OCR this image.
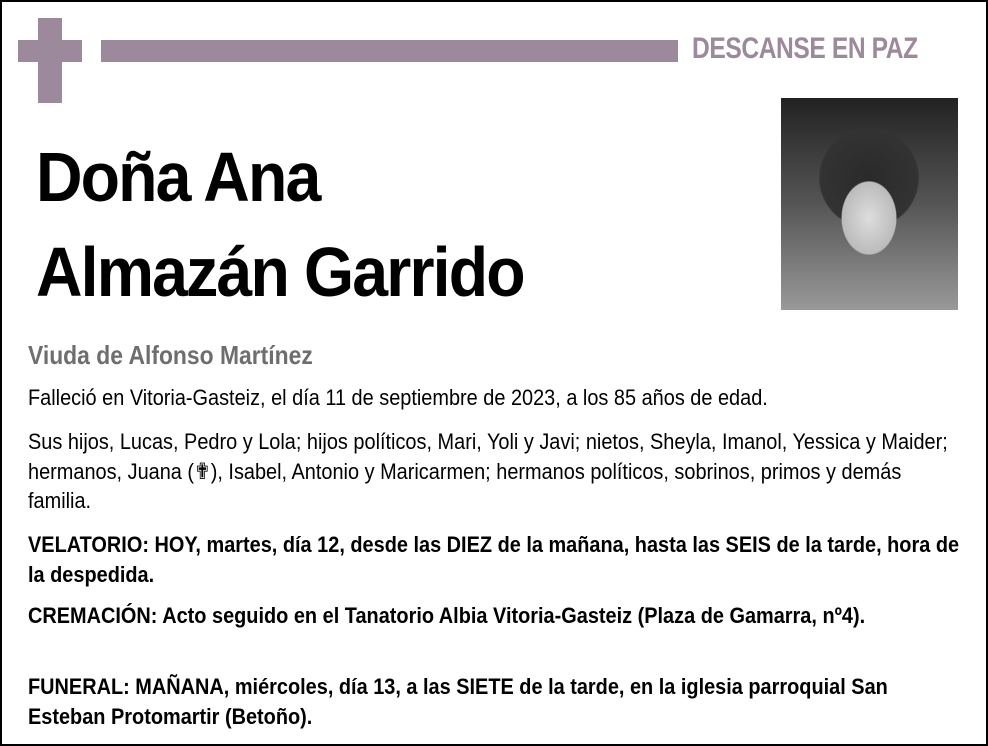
DESCANSE EN PAZ
Doña Ana
Almazán Garrido
Viuda de Alfonso Martínez
Falleció en Vitoria-Gasteiz, el día 11 de septiembre de 2023, a los 85 años de edad.
Sus hijos, Lucas, Pedro y Lola; hijos políticos, Mari, Yoli y Javi; nietos, Sheyla, Imanol, Yessica y Maider; hermanos, Juana (✟), Isabel, Antonio y Maricarmen; hermanos políticos, sobrinos, primos y demás familia.
VELATORIO: HOY, martes, día 12, desde las DIEZ de la mañana, hasta las SEIS de la tarde, hora de la despedida.
CREMACIÓN: Acto seguido en el Tanatorio Albia Vitoria-Gasteiz (Plaza de Gamarra, nº4).
FUNERAL: MAÑANA, miércoles, día 13, a las SIETE de la tarde, en la iglesia parroquial San Esteban Protomartir (Betoño).
